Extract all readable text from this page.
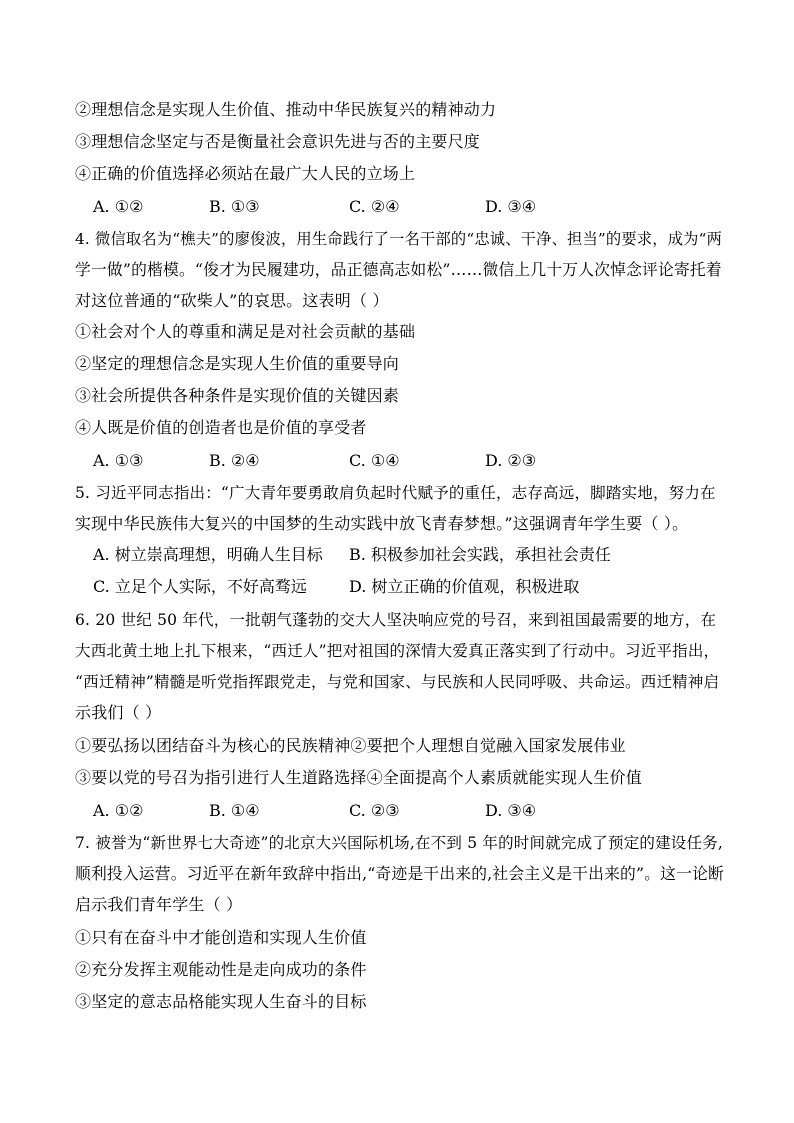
②理想信念是实现人生价值、推动中华民族复兴的精神动力
③理想信念坚定与否是衡量社会意识先进与否的主要尺度
④正确的价值选择必须站在最广大人民的立场上
A. ①②	B. ①③	C. ②④	D. ③④
4. 微信取名为“樵夫”的廖俊波，用生命践行了一名干部的“忠诚、干净、担当”的要求，成为“两
学一做”的楷模。“俊才为民履建功，品正德高志如松”……微信上几十万人次悼念评论寄托着
对这位普通的“砍柴人”的哀思。这表明（ ）
①社会对个人的尊重和满足是对社会贡献的基础
②坚定的理想信念是实现人生价值的重要导向
③社会所提供各种条件是实现价值的关键因素
④人既是价值的创造者也是价值的享受者
A. ①③	B. ②④	C. ①④	D. ②③
5. 习近平同志指出：“广大青年要勇敢肩负起时代赋予的重任，志存高远，脚踏实地，努力在
实现中华民族伟大复兴的中国梦的生动实践中放飞青春梦想。”这强调青年学生要（ ）。
A. 树立崇高理想，明确人生目标 B. 积极参加社会实践，承担社会责任
C. 立足个人实际，不好高骛远	D. 树立正确的价值观，积极进取
6. 20 世纪 50 年代，一批朝气蓬勃的交大人坚决响应党的号召，来到祖国最需要的地方，在
大西北黄土地上扎下根来，“西迁人”把对祖国的深情大爱真正落实到了行动中。习近平指出，
“西迁精神”精髓是听党指挥跟党走，与党和国家、与民族和人民同呼吸、共命运。西迁精神启
示我们（ ）
①要弘扬以团结奋斗为核心的民族精神②要把个人理想自觉融入国家发展伟业
③要以党的号召为指引进行人生道路选择④全面提高个人素质就能实现人生价值
A. ①②	B. ①④	C. ②③	D. ③④
7. 被誉为“新世界七大奇迹”的北京大兴国际机场,在不到 5 年的时间就完成了预定的建设任务,
顺利投入运营。习近平在新年致辞中指出,“奇迹是干出来的,社会主义是干出来的”。这一论断
启示我们青年学生（ ）
①只有在奋斗中才能创造和实现人生价值
②充分发挥主观能动性是走向成功的条件
③坚定的意志品格能实现人生奋斗的目标
